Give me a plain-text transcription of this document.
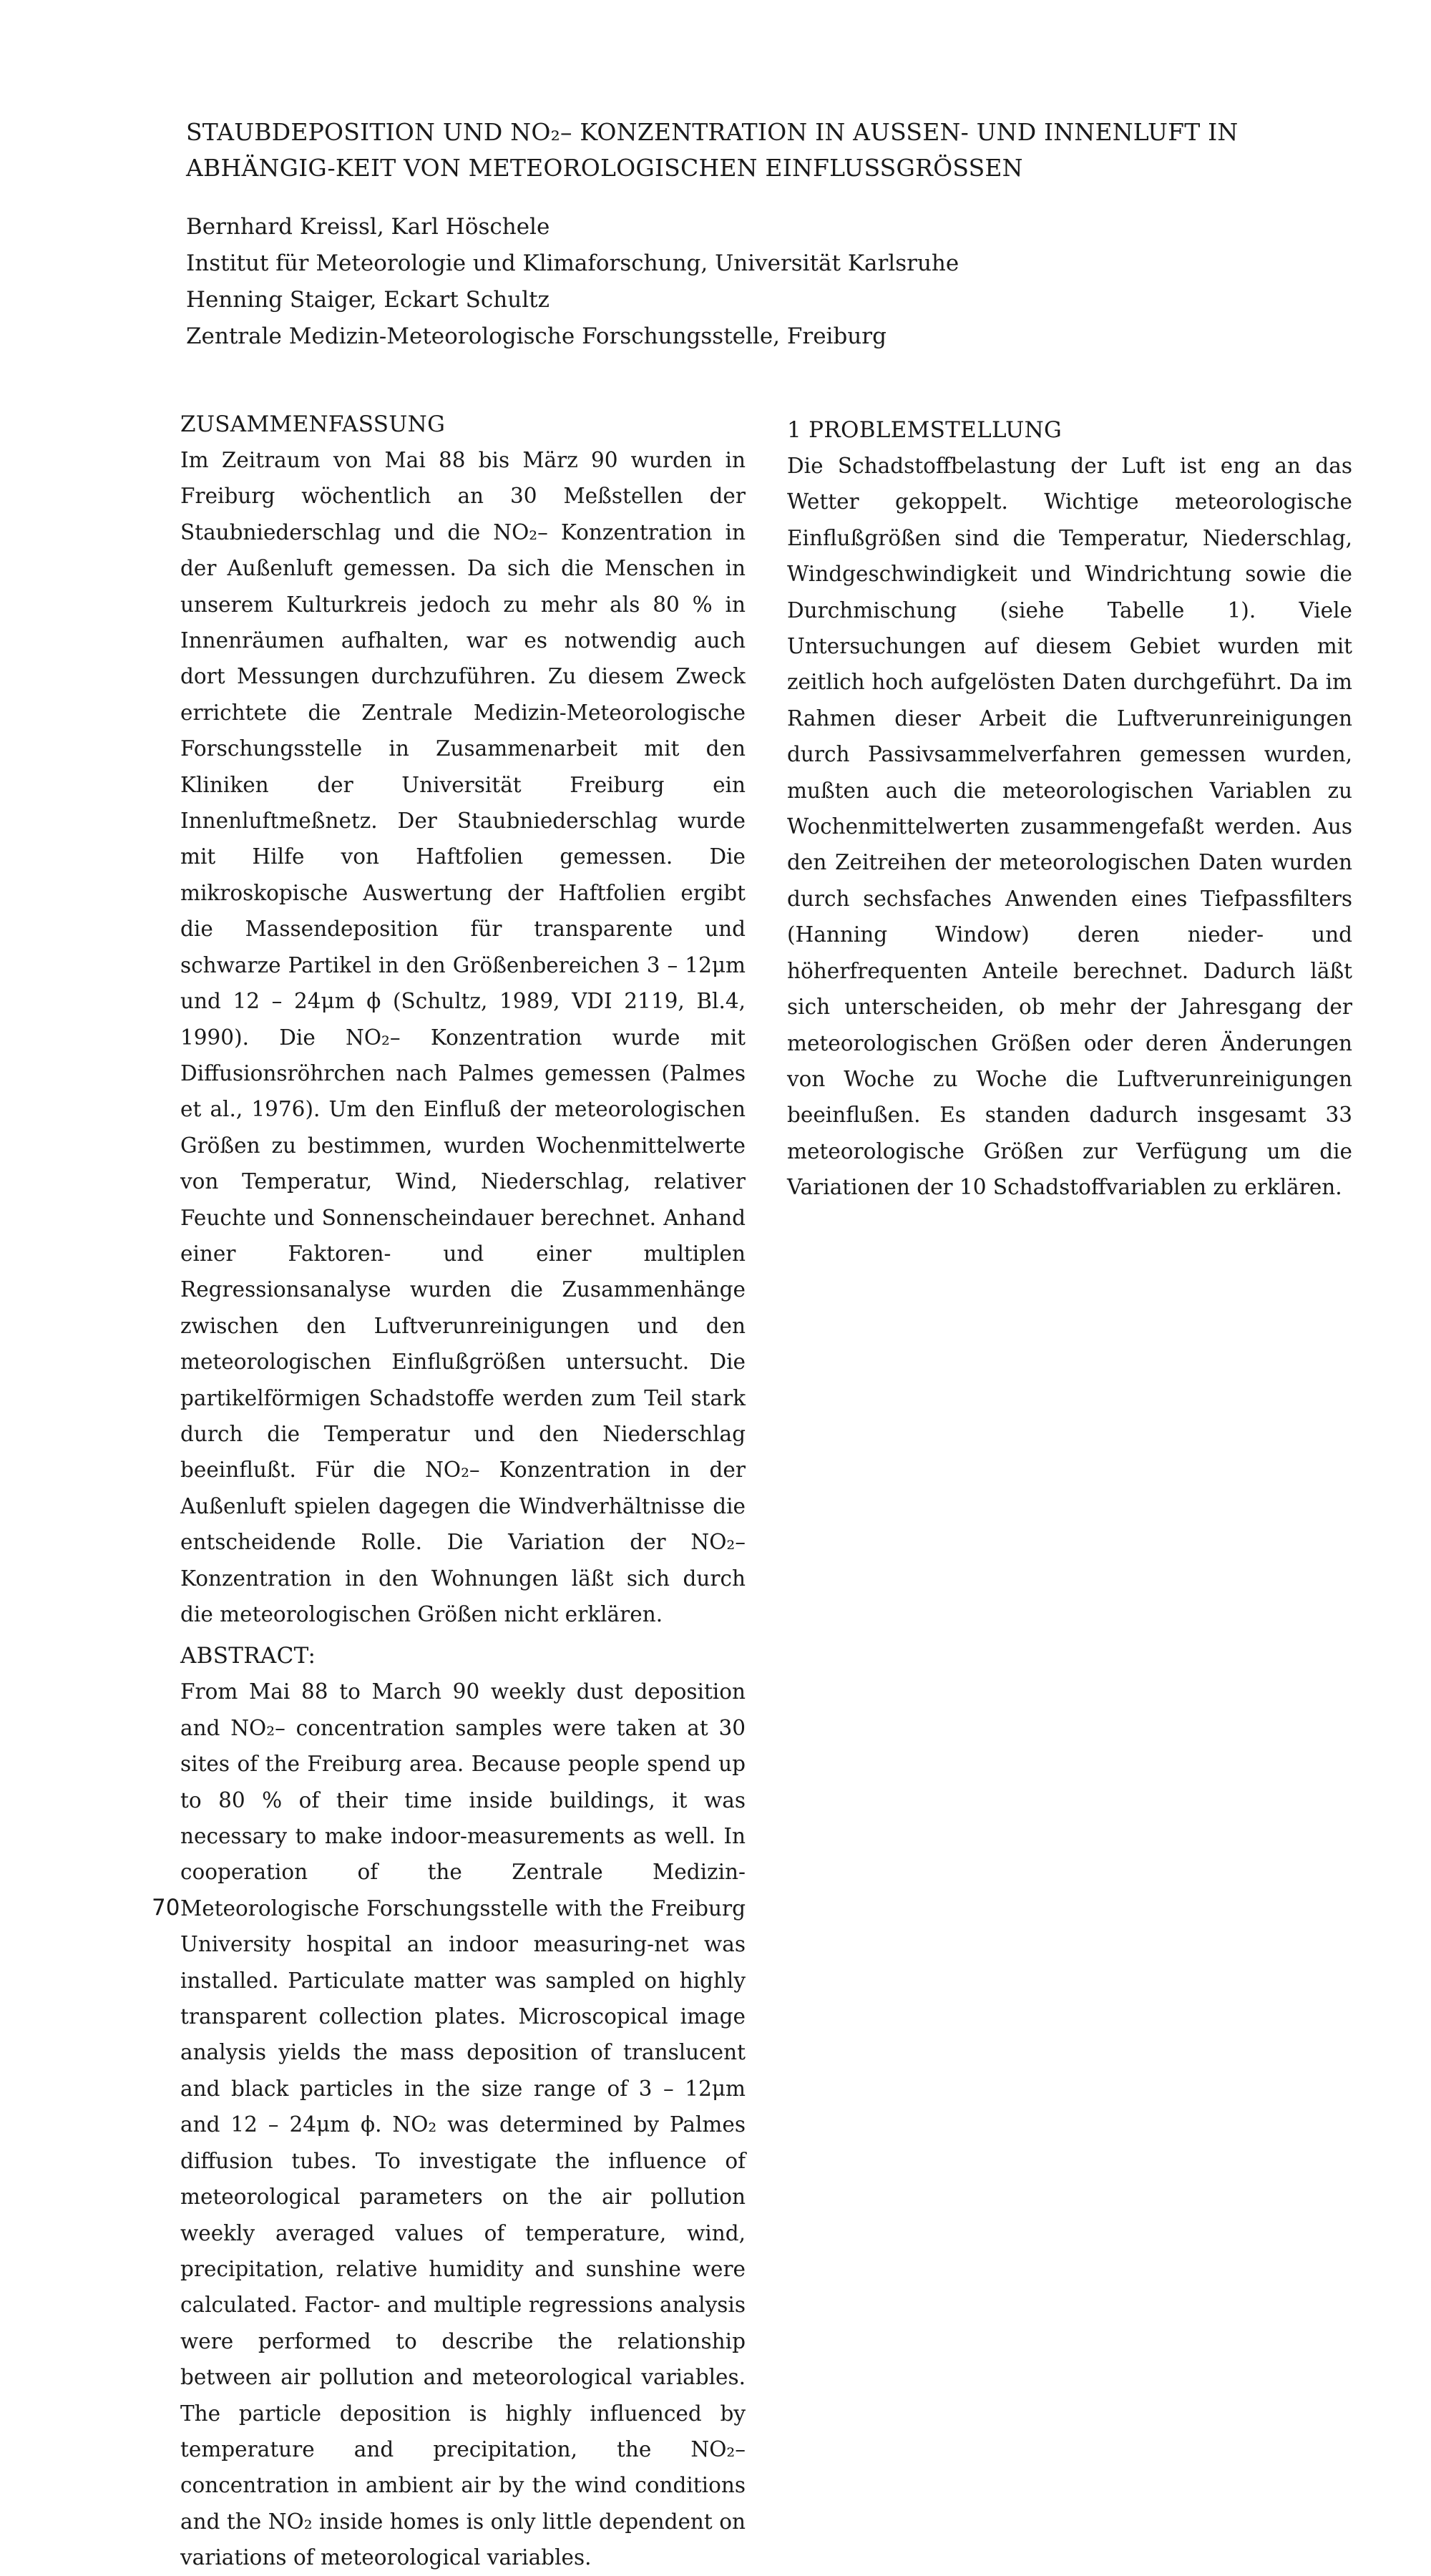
STAUBDEPOSITION UND NO₂– KONZENTRATION IN AUSSEN- UND INNENLUFT IN ABHÄNGIG-KEIT VON METEOROLOGISCHEN EINFLUSSGRÖSSEN
Bernhard Kreissl, Karl Höschele
Institut für Meteorologie und Klimaforschung, Universität Karlsruhe
Henning Staiger, Eckart Schultz
Zentrale Medizin-Meteorologische Forschungsstelle, Freiburg
ZUSAMMENFASSUNG

Im Zeitraum von Mai 88 bis März 90 wurden in Freiburg wöchentlich an 30 Meßstellen der Staubniederschlag und die NO₂– Konzentration in der Außenluft gemessen. Da sich die Menschen in unserem Kulturkreis jedoch zu mehr als 80 % in Innenräumen aufhalten, war es notwendig auch dort Messungen durchzuführen. Zu diesem Zweck errichtete die Zentrale Medizin-Meteorologische Forschungsstelle in Zusammenarbeit mit den Kliniken der Universität Freiburg ein Innenluftmeßnetz. Der Staubniederschlag wurde mit Hilfe von Haftfolien gemessen. Die mikroskopische Auswertung der Haftfolien ergibt die Massendeposition für transparente und schwarze Partikel in den Größenbereichen 3 – 12μm und 12 – 24μm ϕ (Schultz, 1989, VDI 2119, Bl.4, 1990). Die NO₂– Konzentration wurde mit Diffusionsröhrchen nach Palmes gemessen (Palmes et al., 1976). Um den Einfluß der meteorologischen Größen zu bestimmen, wurden Wochenmittelwerte von Temperatur, Wind, Niederschlag, relativer Feuchte und Sonnenscheindauer berechnet. Anhand einer Faktoren- und einer multiplen Regressionsanalyse wurden die Zusammenhänge zwischen den Luftverunreinigungen und den meteorologischen Einflußgrößen untersucht. Die partikelförmigen Schadstoffe werden zum Teil stark durch die Temperatur und den Niederschlag beeinflußt. Für die NO₂– Konzentration in der Außenluft spielen dagegen die Windverhältnisse die entscheidende Rolle. Die Variation der NO₂– Konzentration in den Wohnungen läßt sich durch die meteorologischen Größen nicht erklären.

ABSTRACT:

From Mai 88 to March 90 weekly dust deposition and NO₂– concentration samples were taken at 30 sites of the Freiburg area. Because people spend up to 80 % of their time inside buildings, it was necessary to make indoor-measurements as well. In cooperation of the Zentrale Medizin-Meteorologische Forschungsstelle with the Freiburg University hospital an indoor measuring-net was installed. Particulate matter was sampled on highly transparent collection plates. Microscopical image analysis yields the mass deposition of translucent and black particles in the size range of 3 – 12μm and 12 – 24μm ϕ. NO₂ was determined by Palmes diffusion tubes. To investigate the influence of meteorological parameters on the air pollution weekly averaged values of temperature, wind, precipitation, relative humidity and sunshine were calculated. Factor- and multiple regressions analysis were performed to describe the relationship between air pollution and meteorological variables. The particle deposition is highly influenced by temperature and precipitation, the NO₂– concentration in ambient air by the wind conditions and the NO₂ inside homes is only little dependent on variations of meteorological variables.

1 PROBLEMSTELLUNG

Die Schadstoffbelastung der Luft ist eng an das Wetter gekoppelt. Wichtige meteorologische Einflußgrößen sind die Temperatur, Niederschlag, Windgeschwindigkeit und Windrichtung sowie die Durchmischung (siehe Tabelle 1). Viele Untersuchungen auf diesem Gebiet wurden mit zeitlich hoch aufgelösten Daten durchgeführt. Da im Rahmen dieser Arbeit die Luftverunreinigungen durch Passivsammelverfahren gemessen wurden, mußten auch die meteorologischen Variablen zu Wochenmittelwerten zusammengefaßt werden. Aus den Zeitreihen der meteorologischen Daten wurden durch sechsfaches Anwenden eines Tiefpassfilters (Hanning Window) deren nieder- und höherfrequenten Anteile berechnet. Dadurch läßt sich unterscheiden, ob mehr der Jahresgang der meteorologischen Größen oder deren Änderungen von Woche zu Woche die Luftverunreinigungen beeinflußen. Es standen dadurch insgesamt 33 meteorologische Größen zur Verfügung um die Variationen der 10 Schadstoffvariablen zu erklären.

70
